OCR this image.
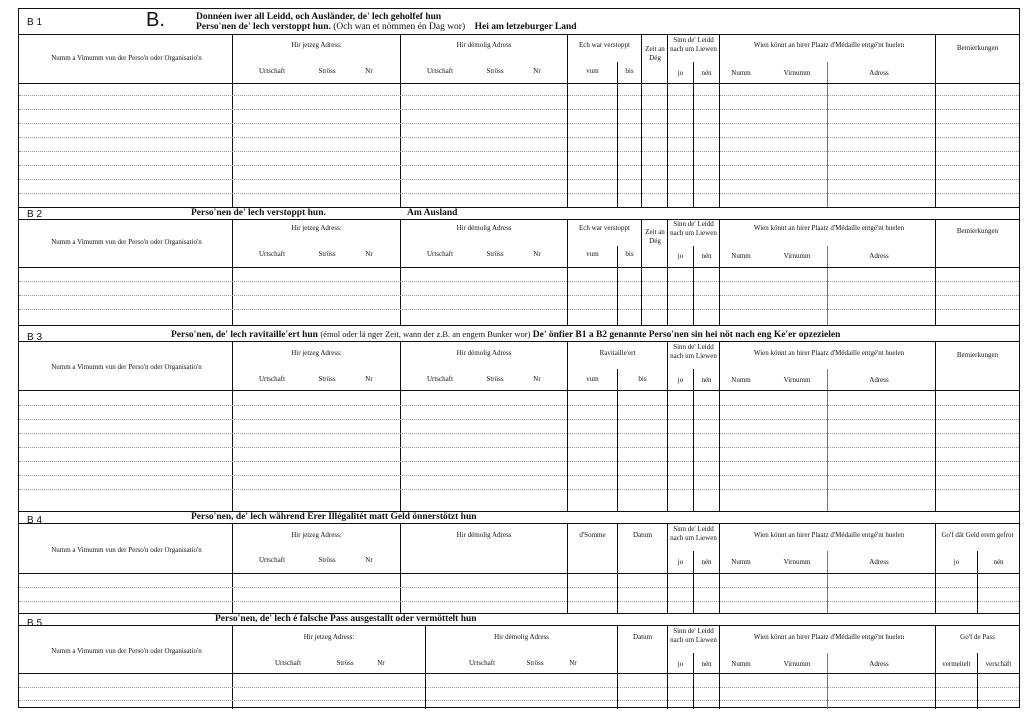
B 1	B.	Donnéen iwer all Leidd, och Ausländer, de' lech geholfef hun
Perso'nen de' lech verstoppt hun. (Och wan et nömmen én Dag wor) Hei am letzeburger Land
Numm a Vimumm vun der Perso'n oder Organisatio'n
Hir jetzeg Adress:
Urtschaft	Ströss	Nr
Hir démolig Adress
Urtschaft	Ströss	Nr
Ech war verstoppt
vum	bis
Zeit an Dég
Sinn de' Leidd nach um Liewen
jo	nén
Wien könnt an hirer Plaatz d'Médaille entgé'nt huelen
Numm	Virnumm	Adress
Bemierkungen
B 2	Perso'nen de' lech verstoppt hun.	Am Ausland
Numm a Vimumm vun der Perso'n oder Organisatio'n
Hir jetzeg Adress:
Urtschaft	Ströss	Nr
Hir démolig Adress
Urtschaft	Ströss	Nr
Ech war verstoppt
vum	bis
Zeit an Dég
Sinn de' Leidd nach um Liewen
jo	nén
Wien könnt an hirer Plaatz d'Médaille entgé'nt huelen
Numm	Virnumm	Adress
Bemierkungen
B 3	Perso'nen, de' lech ravitaille'ert hun (émol oder lä nger Zeit, wann der z.B. an engem Bunker wor) De' önfier B1 a B2 genannte Perso'nen sin hei nöt nach eng Ke'er opzezielen
Numm a Vimumm vun der Perso'n oder Organisatio'n
Hir jetzeg Adress:
Urtschaft	Ströss	Nr
Hir démolig Adress
Urtschaft	Ströss	Nr
Ravitaille'ert
vum	bis
Sinn de' Leidd nach um Liewen
jo	nén
Wien könnt an hirer Plaatz d'Médaille entgé'nt huelen
Numm	Virnumm	Adress
Bemierkungen
B 4	Perso'nen, de' lech während Erer Illégalitét matt Geld önnerstötzt hun
Numm a Vimumm vun der Perso'n oder Organisatio'n
Hir jetzeg Adress:
Urtschaft	Ströss	Nr
Hir démolig Adress	d'Somme	Datum
Sinn de' Leidd nach um Liewen
jo	nén
Wien könnt an hirer Plaatz d'Médaille entgé'nt huelen
Numm	Virnumm	Adress
Go'f dât Geld erem gefrot
jo	nén
B 5	Perso'nen, de' lech é falsche Pass ausgestallt oder vermöttelt hun
Numm a Vimumm vun der Perso'n oder Organisatio'n
Hir jetzeg Adress:
Urtschaft	Ströss	Nr
Hir démolig Adress
Urtschaft	Ströss	Nr
Datum
Sinn de' Leidd nach um Liewen
jo	nén
Wien könnt an hirer Plaatz d'Médaille entgé'nt huelen
Numm	Virnumm	Adress
Go'f de Pass
vermeitelt	verschäft
